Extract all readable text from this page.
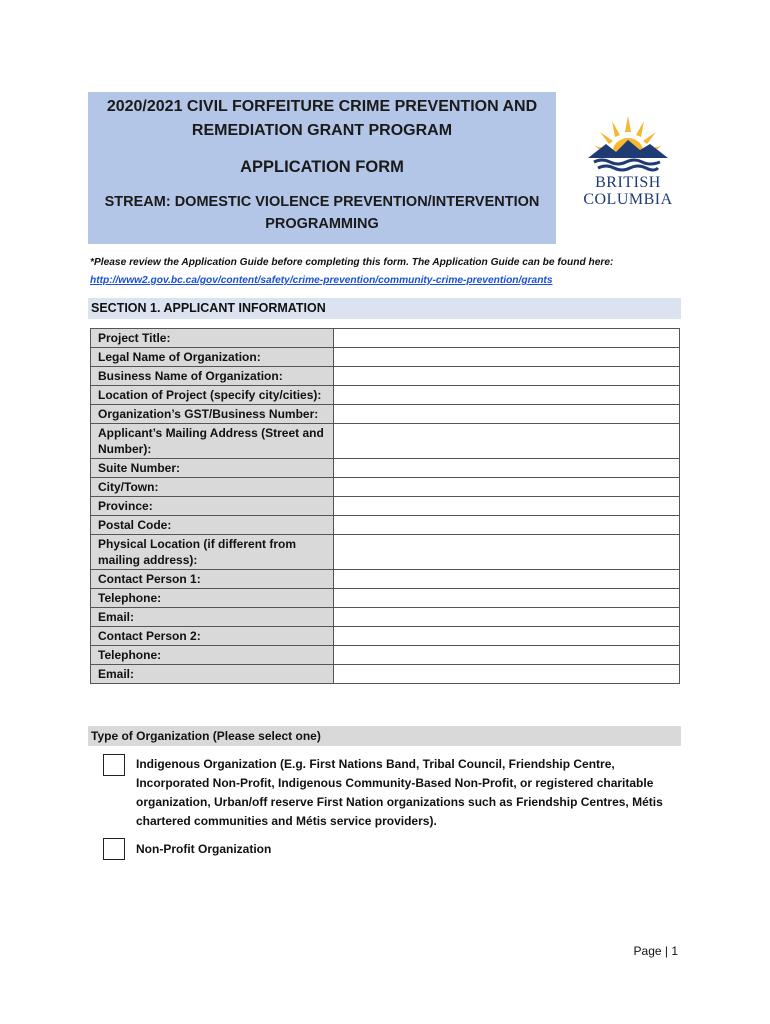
2020/2021 CIVIL FORFEITURE CRIME PREVENTION AND
REMEDIATION GRANT PROGRAM
APPLICATION FORM
STREAM: DOMESTIC VIOLENCE PREVENTION/INTERVENTION
PROGRAMMING
BRITISH
COLUMBIA
*Please review the Application Guide before completing this form. The Application Guide can be found here:
http://www2.gov.bc.ca/gov/content/safety/crime-prevention/community-crime-prevention/grants
SECTION 1. APPLICANT INFORMATION
Project Title:	
Legal Name of Organization:	
Business Name of Organization:	
Location of Project (specify city/cities):	
Organization’s GST/Business Number:	
Applicant’s Mailing Address (Street and Number):	
Suite Number:	
City/Town:	
Province:	
Postal Code:	
Physical Location (if different from mailing address):	
Contact Person 1:	
Telephone:	
Email:	
Contact Person 2:	
Telephone:	
Email:	
Type of Organization (Please select one)
Indigenous Organization (E.g. First Nations Band, Tribal Council, Friendship Centre, Incorporated Non-Profit, Indigenous Community-Based Non-Profit, or registered charitable organization, Urban/off reserve First Nation organizations such as Friendship Centres, Métis chartered communities and Métis service providers).
Non-Profit Organization
Page | 1
